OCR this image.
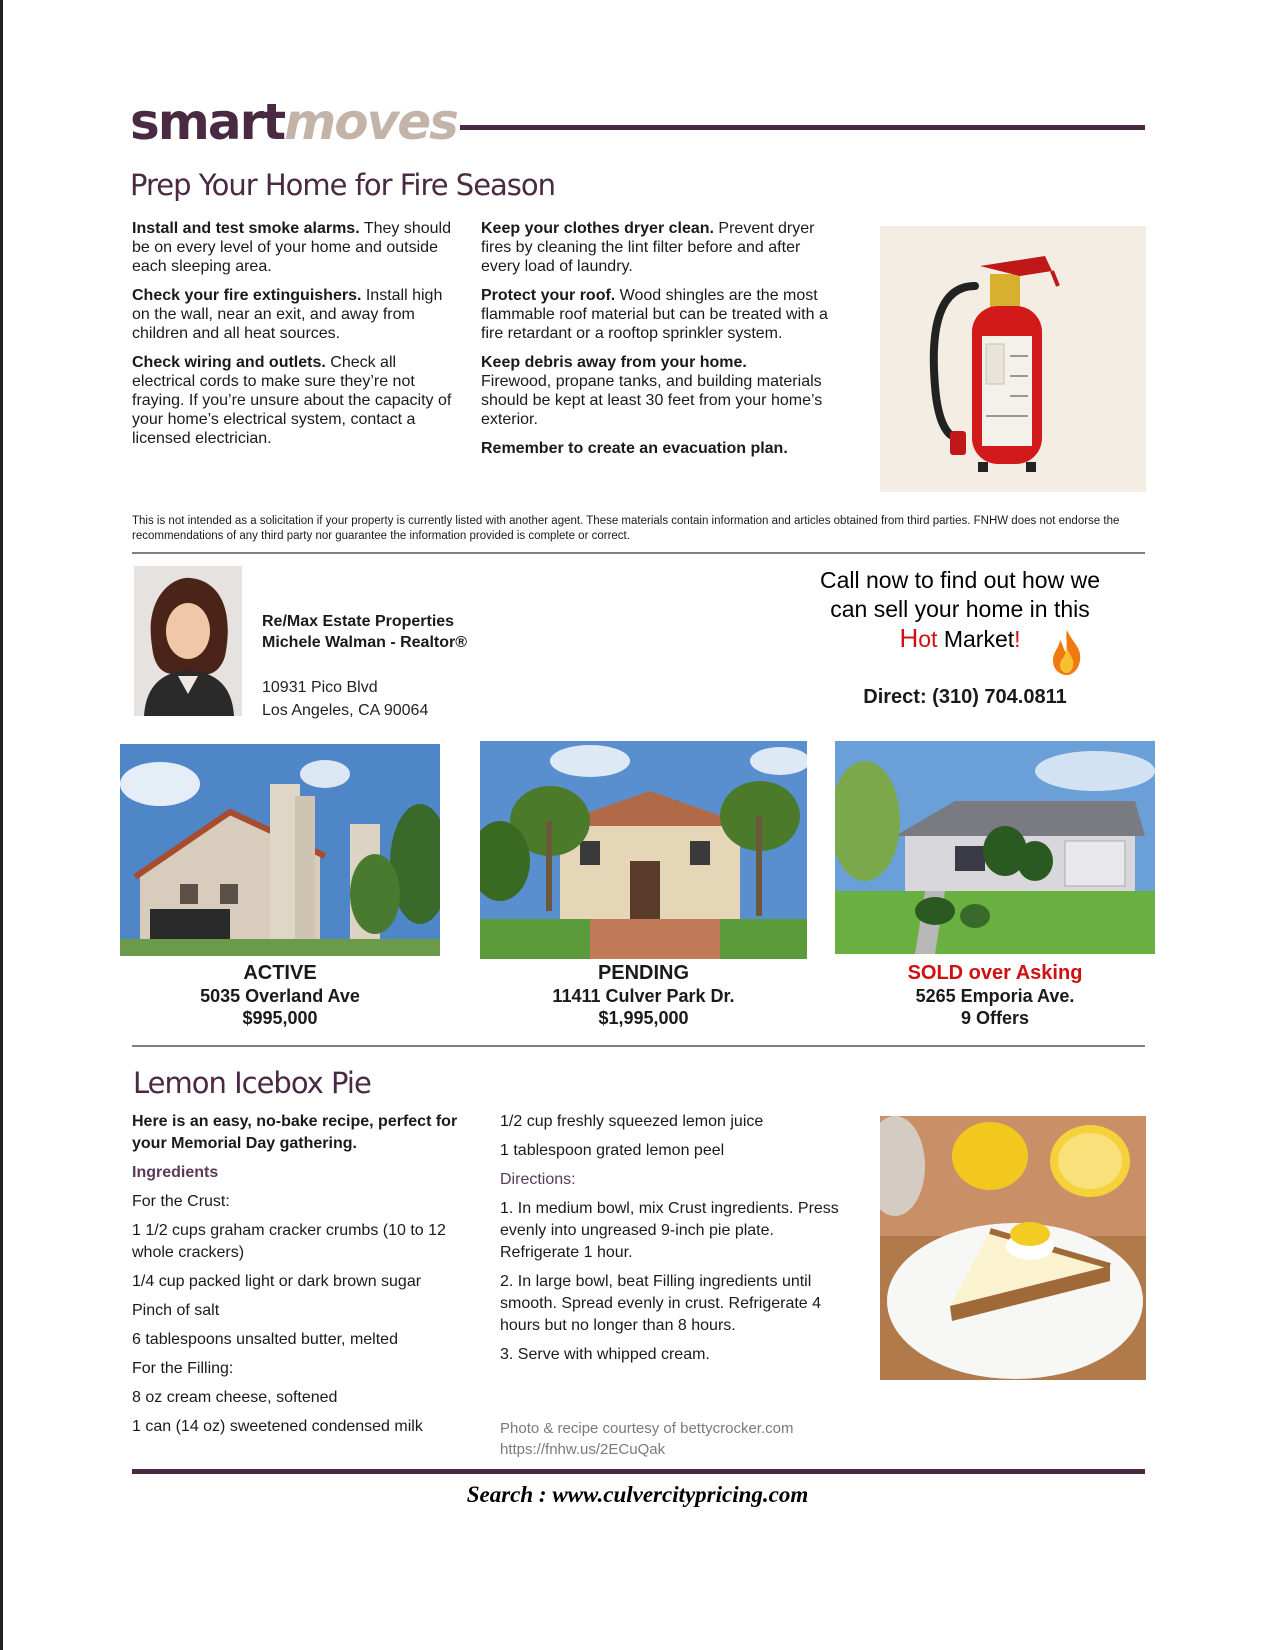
smartmoves
Prep Your Home for Fire Season
Install and test smoke alarms. They should be on every level of your home and outside each sleeping area.
Check your fire extinguishers. Install high on the wall, near an exit, and away from children and all heat sources.
Check wiring and outlets. Check all electrical cords to make sure they’re not fraying. If you’re unsure about the capacity of your home’s electrical system, contact a licensed electrician.
Keep your clothes dryer clean. Prevent dryer fires by cleaning the lint filter before and after every load of laundry.
Protect your roof. Wood shingles are the most flammable roof material but can be treated with a fire retardant or a rooftop sprinkler system.
Keep debris away from your home.
Firewood, propane tanks, and building materials should be kept at least 30 feet from your home’s exterior.
Remember to create an evacuation plan.
This is not intended as a solicitation if your property is currently listed with another agent. These materials contain information and articles obtained from third parties. FNHW does not endorse the recommendations of any third party nor guarantee the information provided is complete or correct.
Re/Max Estate Properties
Michele Walman - Realtor®
10931 Pico Blvd
Los Angeles, CA 90064
Call now to find out how we
can sell your home in this
Hot Market!
Direct: (310) 704.0811
ACTIVE
5035 Overland Ave
$995,000
PENDING
11411 Culver Park Dr.
$1,995,000
SOLD over Asking
5265 Emporia Ave.
9 Offers
Lemon Icebox Pie

Here is an easy, no-bake recipe, perfect for your Memorial Day gathering.

Ingredients

For the Crust:

1 1/2 cups graham cracker crumbs (10 to 12 whole crackers)

1/4 cup packed light or dark brown sugar

Pinch of salt

6 tablespoons unsalted butter, melted

For the Filling:

8 oz cream cheese, softened

1 can (14 oz) sweetened condensed milk

1/2 cup freshly squeezed lemon juice

1 tablespoon grated lemon peel

Directions:

1. In medium bowl, mix Crust ingredients. Press evenly into ungreased 9-inch pie plate. Refrigerate 1 hour.

2. In large bowl, beat Filling ingredients until smooth. Spread evenly in crust. Refrigerate 4 hours but no longer than 8 hours.

3. Serve with whipped cream.

Photo & recipe courtesy of bettycrocker.com
https://fnhw.us/2ECuQak
Search : www.culvercitypricing.com
